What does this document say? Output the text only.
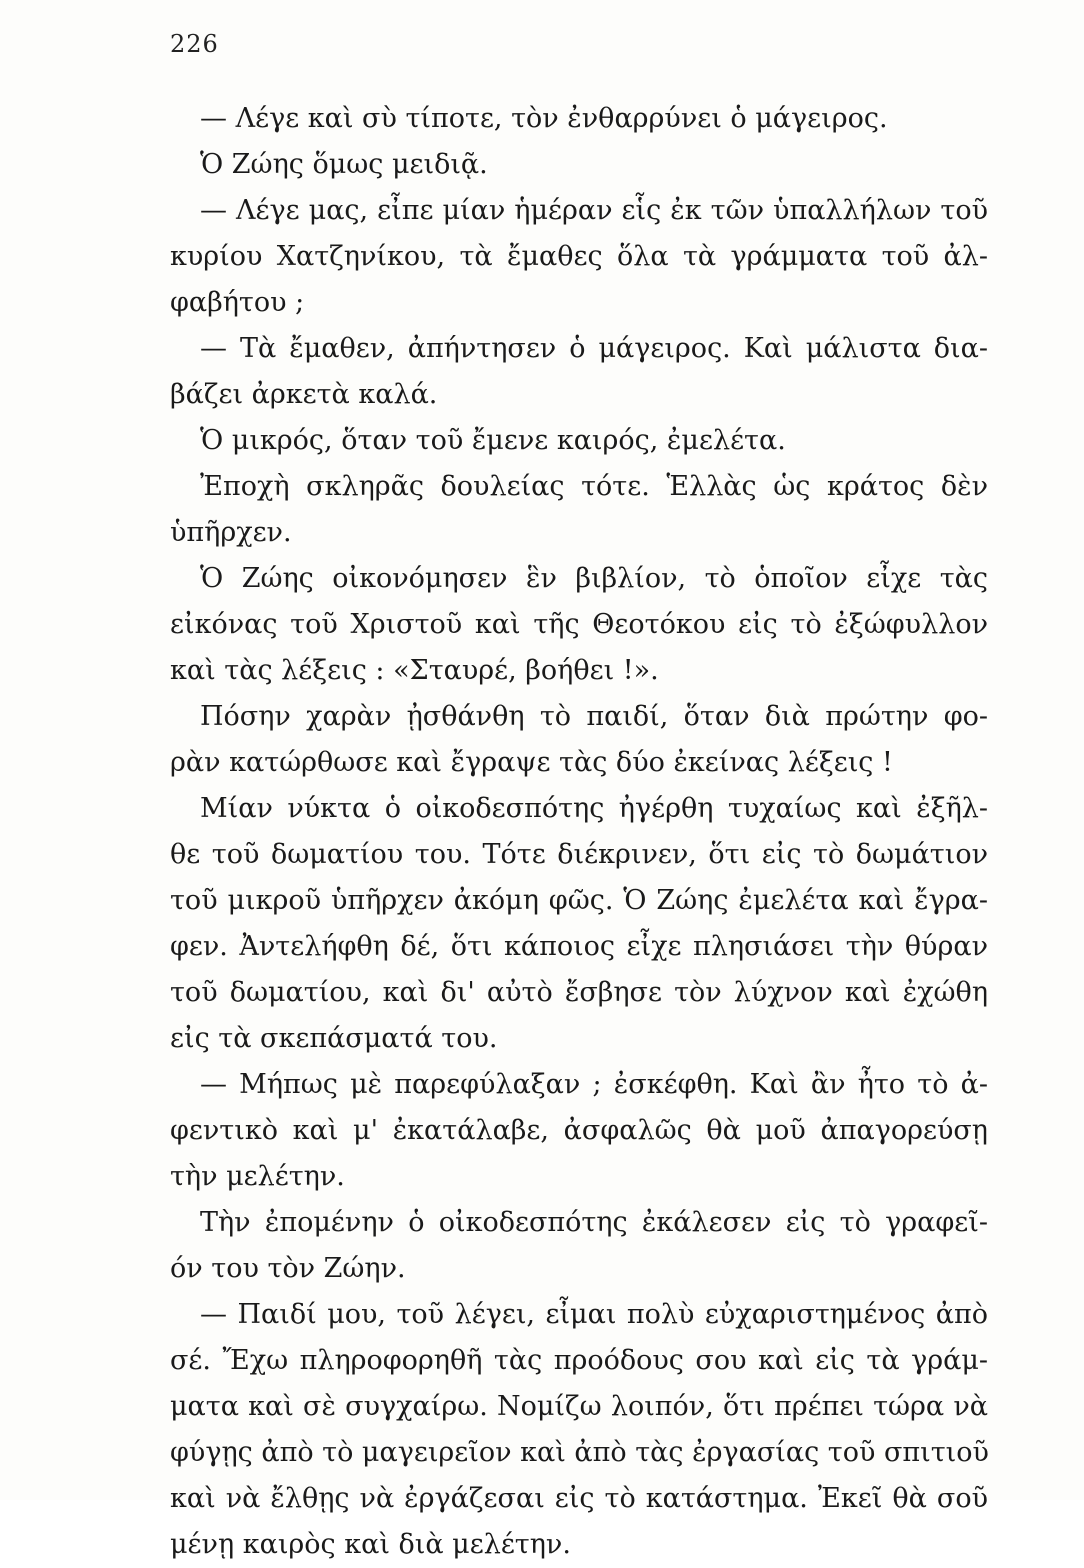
226
— Λέγε καὶ σὺ τίποτε, τὸν ἐνθαρρύνει ὁ μάγειρος.
Ὁ Ζώης ὅμως μειδιᾷ.
— Λέγε μας, εἶπε μίαν ἡμέραν εἷς ἐκ τῶν ὑπαλλήλων τοῦ
κυρίου Χατζηνίκου, τὰ ἔμαθες ὅλα τὰ γράμματα τοῦ ἀλ-
φαβήτου ;
— Τὰ ἔμαθεν, ἀπήντησεν ὁ μάγειρος. Καὶ μάλιστα δια-
βάζει ἀρκετὰ καλά.
Ὁ μικρός, ὅταν τοῦ ἔμενε καιρός, ἐμελέτα.
Ἐποχὴ σκληρᾶς δουλείας τότε. Ἑλλὰς ὡς κράτος δὲν
ὑπῆρχεν.
Ὁ Ζώης οἰκονόμησεν ἓν βιβλίον, τὸ ὁποῖον εἶχε τὰς
εἰκόνας τοῦ Χριστοῦ καὶ τῆς Θεοτόκου εἰς τὸ ἐξώφυλλον
καὶ τὰς λέξεις : «Σταυρέ, βοήθει !».
Πόσην χαρὰν ᾐσθάνθη τὸ παιδί, ὅταν διὰ πρώτην φο-
ρὰν κατώρθωσε καὶ ἔγραψε τὰς δύο ἐκείνας λέξεις !
Μίαν νύκτα ὁ οἰκοδεσπότης ἠγέρθη τυχαίως καὶ ἐξῆλ-
θε τοῦ δωματίου του. Τότε διέκρινεν, ὅτι εἰς τὸ δωμάτιον
τοῦ μικροῦ ὑπῆρχεν ἀκόμη φῶς. Ὁ Ζώης ἐμελέτα καὶ ἔγρα-
φεν. Ἀντελήφθη δέ, ὅτι κάποιος εἶχε πλησιάσει τὴν θύραν
τοῦ δωματίου, καὶ δι' αὐτὸ ἔσβησε τὸν λύχνον καὶ ἐχώθη
εἰς τὰ σκεπάσματά του.
— Μήπως μὲ παρεφύλαξαν ; ἐσκέφθη. Καὶ ἂν ἦτο τὸ ἀ-
φεντικὸ καὶ μ' ἐκατάλαβε, ἀσφαλῶς θὰ μοῦ ἀπαγορεύσῃ
τὴν μελέτην.
Τὴν ἐπομένην ὁ οἰκοδεσπότης ἐκάλεσεν εἰς τὸ γραφεῖ-
όν του τὸν Ζώην.
— Παιδί μου, τοῦ λέγει, εἶμαι πολὺ εὐχαριστημένος ἀπὸ
σέ. Ἔχω πληροφορηθῆ τὰς προόδους σου καὶ εἰς τὰ γράμ-
ματα καὶ σὲ συγχαίρω. Νομίζω λοιπόν, ὅτι πρέπει τώρα νὰ
φύγῃς ἀπὸ τὸ μαγειρεῖον καὶ ἀπὸ τὰς ἐργασίας τοῦ σπιτιοῦ
καὶ νὰ ἔλθῃς νὰ ἐργάζεσαι εἰς τὸ κατάστημα. Ἐκεῖ θὰ σοῦ
μένῃ καιρὸς καὶ διὰ μελέτην.
